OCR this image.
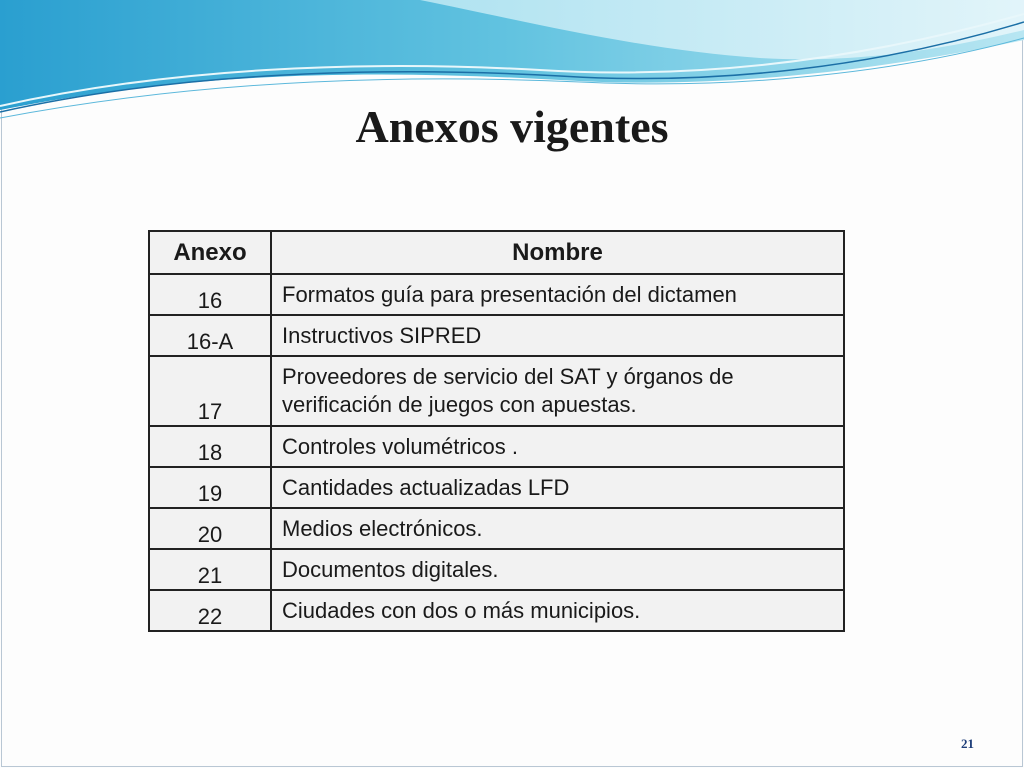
Anexos vigentes
Anexo	Nombre
16	Formatos guía para presentación del dictamen
16-A	Instructivos SIPRED
17	Proveedores de servicio del SAT y órganos de verificación de juegos con apuestas.
18	Controles volumétricos .
19	Cantidades actualizadas LFD
20	Medios electrónicos.
21	Documentos digitales.
22	Ciudades con dos o más municipios.
21
